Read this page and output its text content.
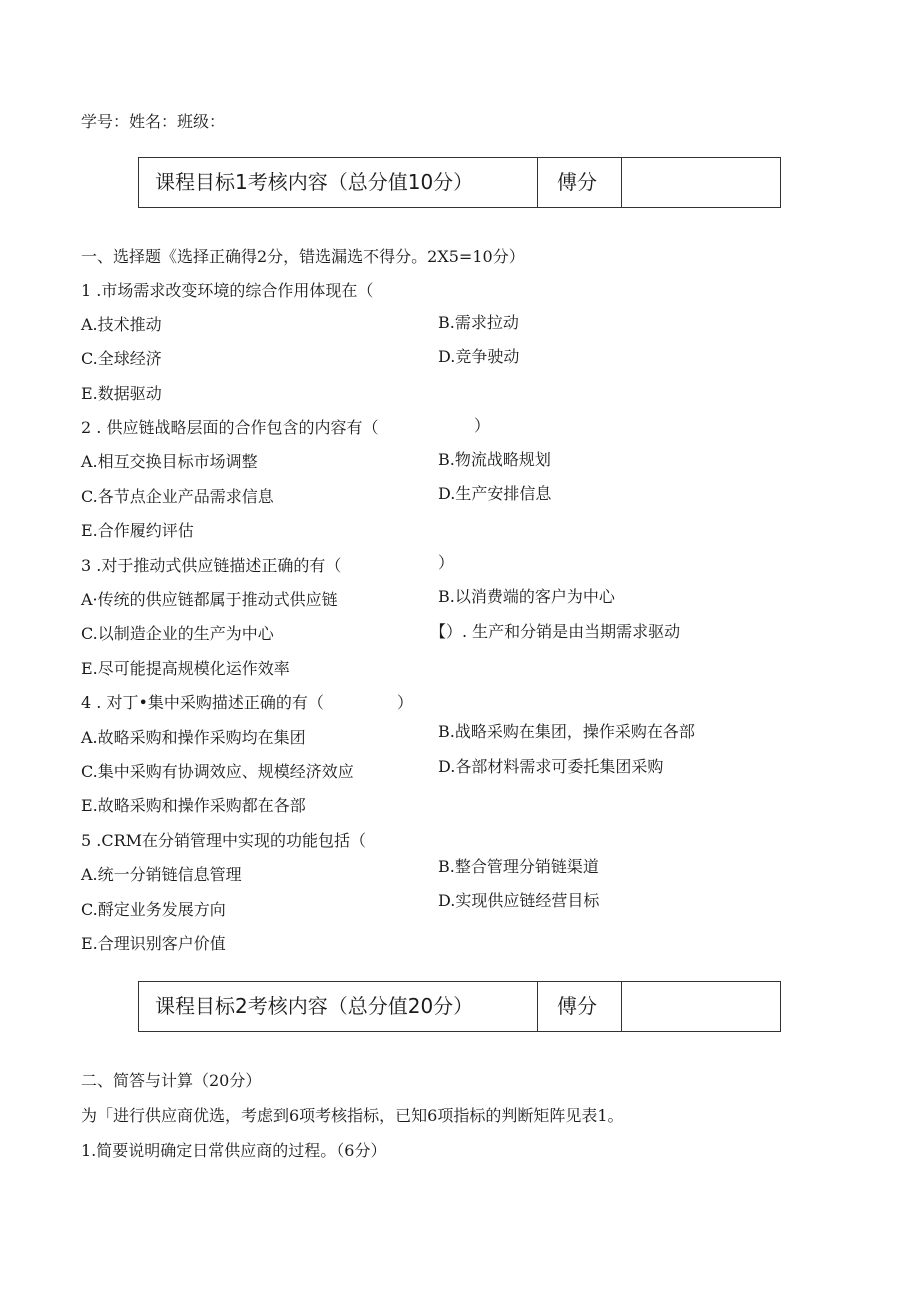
学号：姓名：班级：
课程目标1考核内容（总分值10分）	傅分
一、选择题《选择正确得2分，错选漏选不得分。2X5=10分）
1 .市场需求改变环境的综合作用体现在（
A.技术推动	B.需求拉动
C.全球经济	D.竞争驶动
E.数据驱动
2 . 供应链战略层面的合作包含的内容有（	）
A.相互交换目标市场调整	B.物流战略规划
C.各节点企业产品需求信息	D.生产安排信息
E.合作履约评估
3 .对于推动式供应链描述正确的有（	）
A·传统的供应链都属于推动式供应链	B.以消费端的客户为中心
C.以制造企业的生产为中心	【）. 生产和分销是由当期需求驱动
E.尽可能提高规模化运作效率
4 . 对丁•集中采购描述正确的有（	）
A.故略采购和操作采购均在集团	B.战略采购在集团，操作采购在各部
C.集中采购有协调效应、规模经济效应	D.各部材料需求可委托集团采购
E.故略采购和操作采购都在各部
5 .CRM在分销管理中实现的功能包括（
A.统一分销链信息管理	B.整合管理分销链渠道
C.酹定业务发展方向	D.实现供应链经营目标
E.合理识别客户价值
课程目标2考核内容（总分值20分）	傅分
二、简答与计算（20分）
为「进行供应商优选，考虑到6项考核指标，已知6项指标的判断矩阵见表1。
1.简要说明确定日常供应商的过程。（6分）
